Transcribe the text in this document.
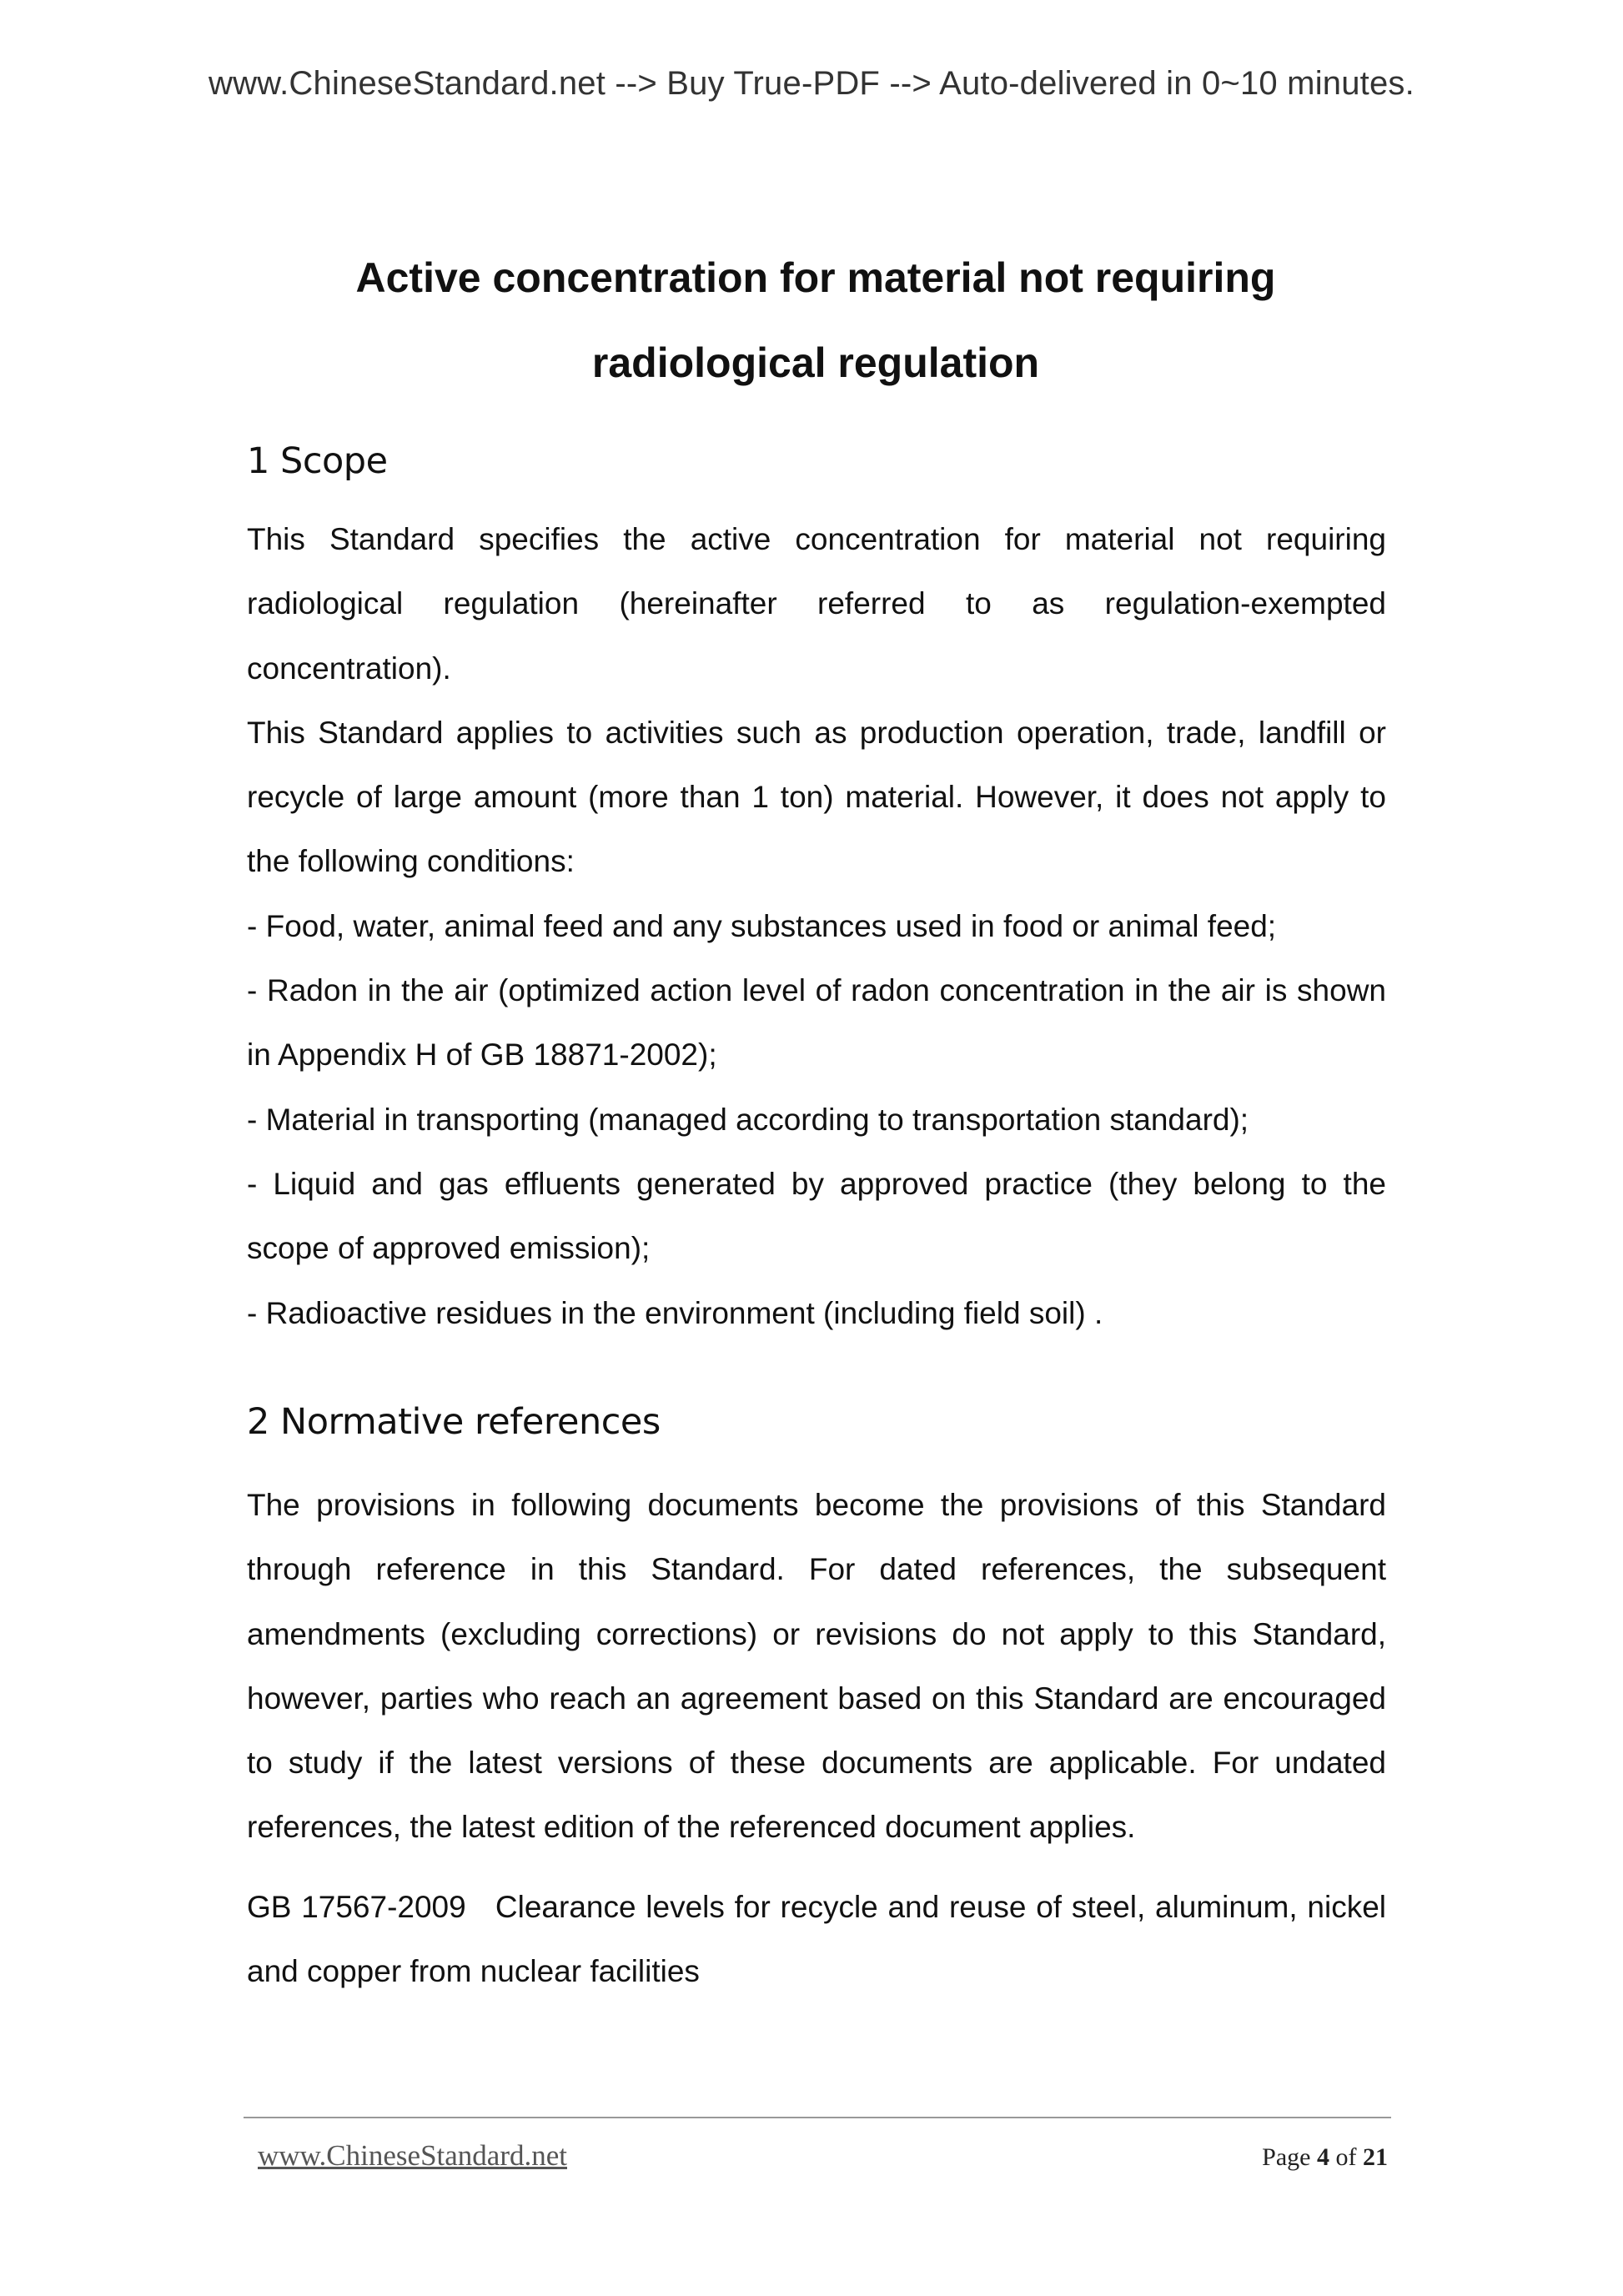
www.ChineseStandard.net --> Buy True-PDF --> Auto-delivered in 0~10 minutes.
Active concentration for material not requiring
radiological regulation
1 Scope

This Standard specifies the active concentration for material not requiring radiological regulation (hereinafter referred to as regulation-exempted concentration).

This Standard applies to activities such as production operation, trade, landfill or recycle of large amount (more than 1 ton) material. However, it does not apply to the following conditions:

- Food, water, animal feed and any substances used in food or animal feed;

- Radon in the air (optimized action level of radon concentration in the air is shown in Appendix H of GB 18871-2002);

- Material in transporting (managed according to transportation standard);

- Liquid and gas effluents generated by approved practice (they belong to the scope of approved emission);

- Radioactive residues in the environment (including field soil) .

2 Normative references

The provisions in following documents become the provisions of this Standard through reference in this Standard. For dated references, the subsequent amendments (excluding corrections) or revisions do not apply to this Standard, however, parties who reach an agreement based on this Standard are encouraged to study if the latest versions of these documents are applicable. For undated references, the latest edition of the referenced document applies.

GB 17567-2009   Clearance levels for recycle and reuse of steel, aluminum, nickel and copper from nuclear facilities

www.ChineseStandard.net	Page 4 of 21
